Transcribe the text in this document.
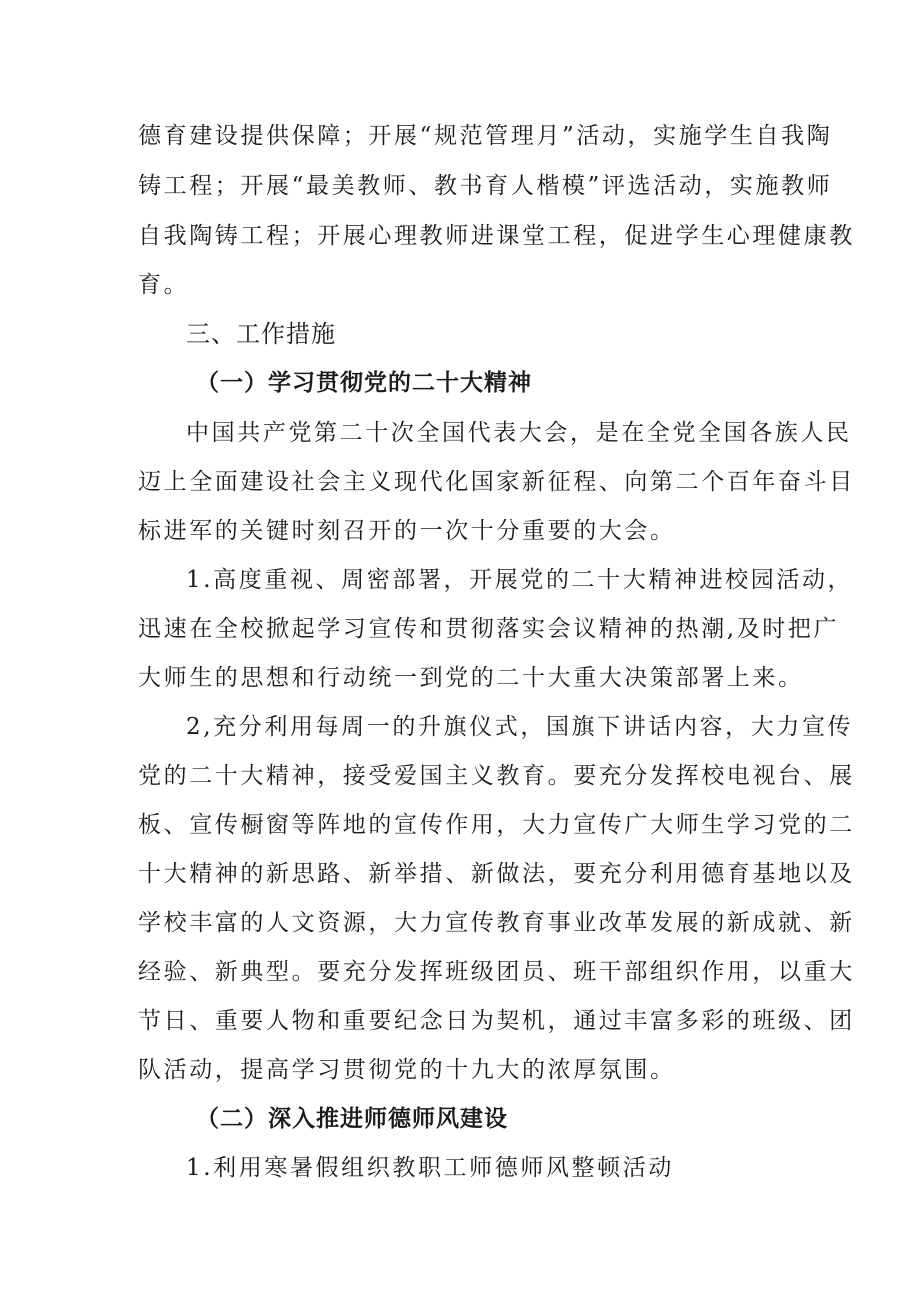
德育建设提供保障；开展“规范管理月”活动，实施学生自我陶
铸工程；开展“最美教师、教书育人楷模”评选活动，实施教师
自我陶铸工程；开展心理教师进课堂工程，促进学生心理健康教
育。
三、工作措施
（一）学习贯彻党的二十大精神
中国共产党第二十次全国代表大会，是在全党全国各族人民
迈上全面建设社会主义现代化国家新征程、向第二个百年奋斗目
标进军的关键时刻召开的一次十分重要的大会。
1.高度重视、周密部署，开展党的二十大精神进校园活动，
迅速在全校掀起学习宣传和贯彻落实会议精神的热潮,及时把广
大师生的思想和行动统一到党的二十大重大决策部署上来。
2,充分利用每周一的升旗仪式，国旗下讲话内容，大力宣传
党的二十大精神，接受爱国主义教育。要充分发挥校电视台、展
板、宣传橱窗等阵地的宣传作用，大力宣传广大师生学习党的二
十大精神的新思路、新举措、新做法，要充分利用德育基地以及
学校丰富的人文资源，大力宣传教育事业改革发展的新成就、新
经验、新典型。要充分发挥班级团员、班干部组织作用，以重大
节日、重要人物和重要纪念日为契机，通过丰富多彩的班级、团
队活动，提高学习贯彻党的十九大的浓厚氛围。
（二）深入推进师德师风建设
1.利用寒暑假组织教职工师德师风整顿活动
